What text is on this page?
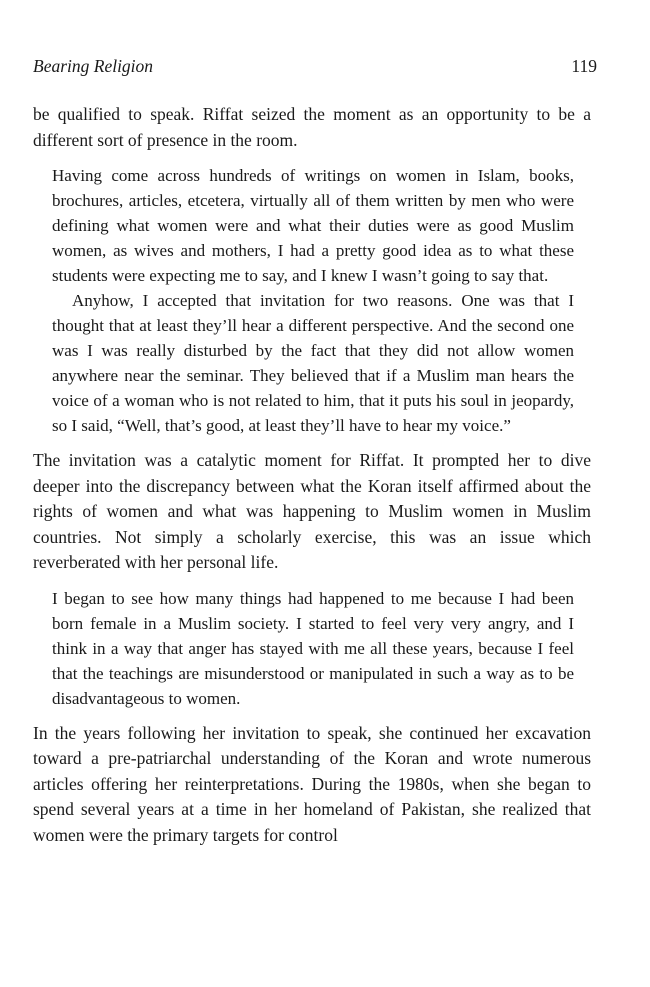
Bearing Religion	119

be qualified to speak. Riffat seized the moment as an opportunity to be a different sort of presence in the room.

Having come across hundreds of writings on women in Islam, books, brochures, articles, etcetera, virtually all of them written by men who were defining what women were and what their duties were as good Muslim women, as wives and mothers, I had a pretty good idea as to what these students were expecting me to say, and I knew I wasn’t going to say that.

Anyhow, I accepted that invitation for two reasons. One was that I thought that at least they’ll hear a different perspective. And the second one was I was really disturbed by the fact that they did not allow women anywhere near the seminar. They believed that if a Muslim man hears the voice of a woman who is not related to him, that it puts his soul in jeopardy, so I said, “Well, that’s good, at least they’ll have to hear my voice.”

The invitation was a catalytic moment for Riffat. It prompted her to dive deeper into the discrepancy between what the Koran itself affirmed about the rights of women and what was happening to Muslim women in Muslim countries. Not simply a scholarly exercise, this was an issue which reverberated with her personal life.

I began to see how many things had happened to me because I had been born female in a Muslim society. I started to feel very very angry, and I think in a way that anger has stayed with me all these years, because I feel that the teachings are misunderstood or manipulated in such a way as to be disadvantageous to women.

In the years following her invitation to speak, she continued her excavation toward a pre-patriarchal understanding of the Koran and wrote numerous articles offering her reinterpretations. During the 1980s, when she began to spend several years at a time in her homeland of Pakistan, she realized that women were the primary targets for control
